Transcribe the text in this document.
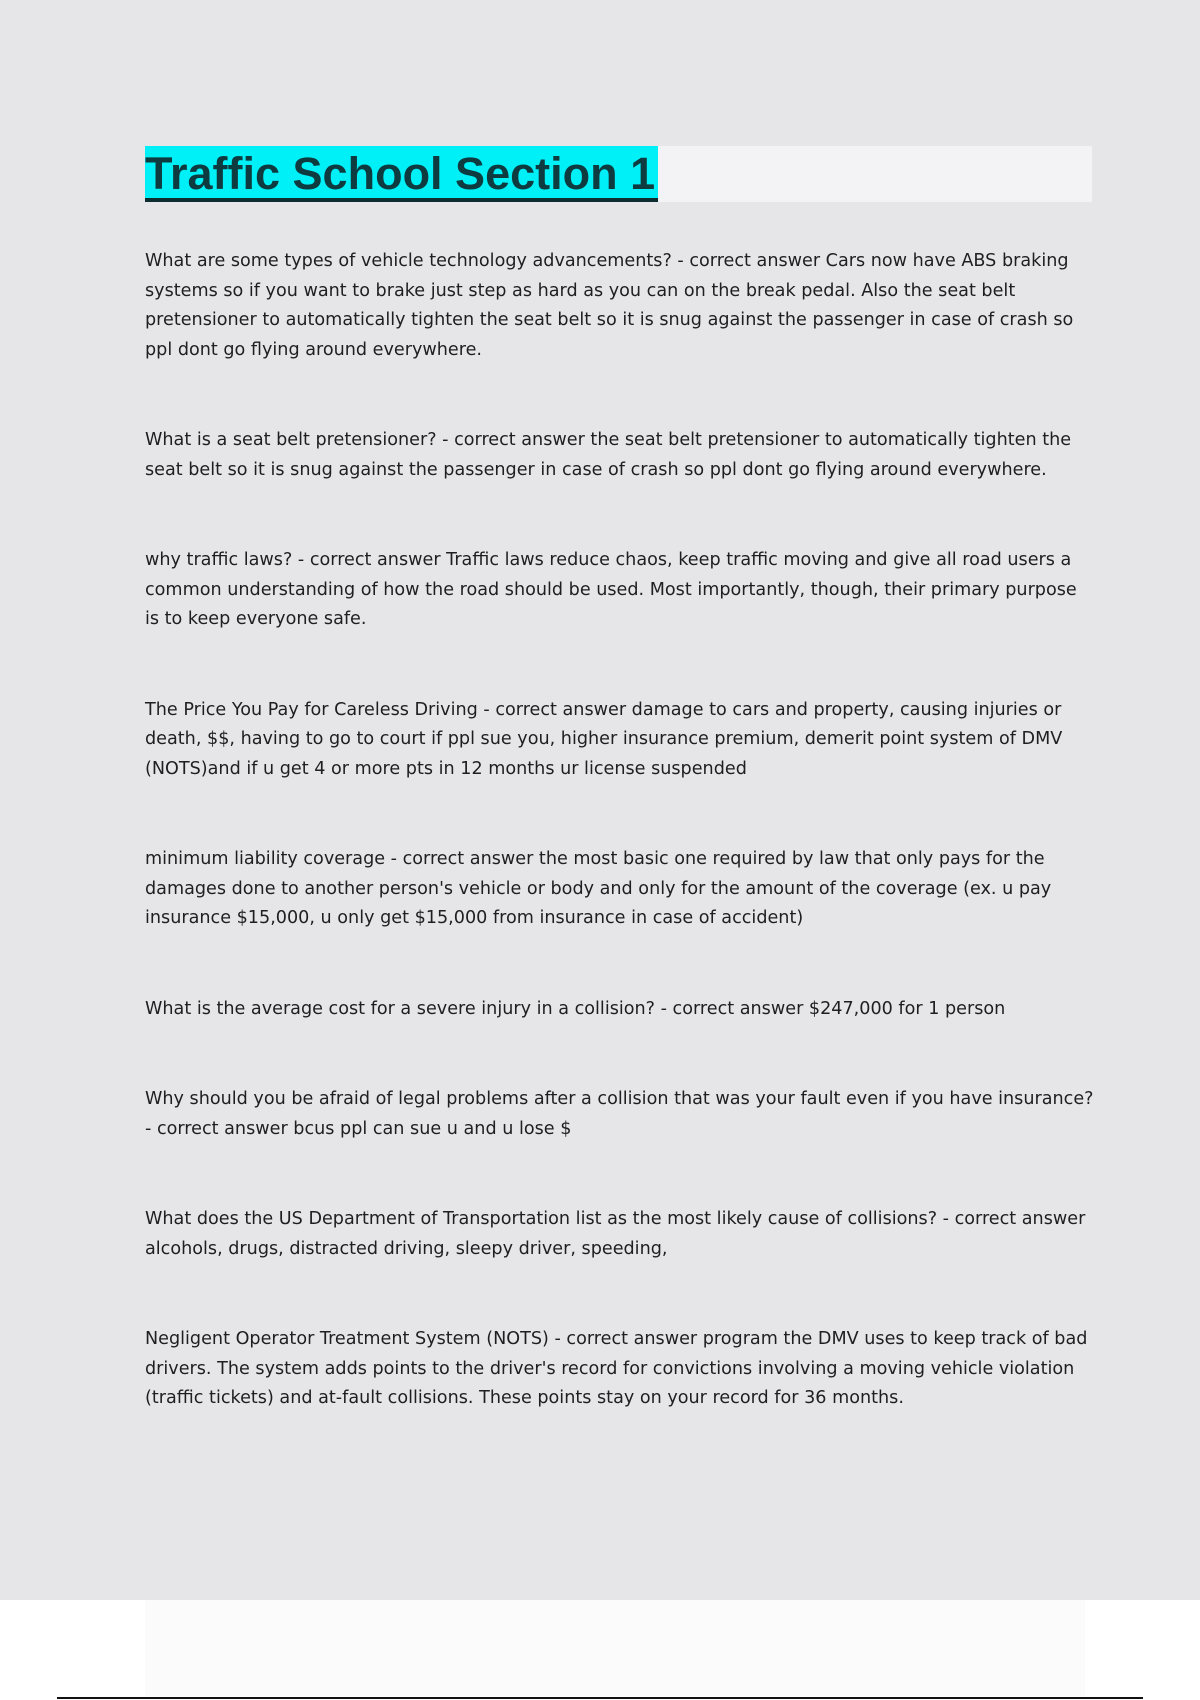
Traffic School Section 1

What are some types of vehicle technology advancements? - correct answer Cars now have ABS braking systems so if you want to brake just step as hard as you can on the break pedal. Also the seat belt pretensioner to automatically tighten the seat belt so it is snug against the passenger in case of crash so ppl dont go flying around everywhere.

What is a seat belt pretensioner? - correct answer the seat belt pretensioner to automatically tighten the seat belt so it is snug against the passenger in case of crash so ppl dont go flying around everywhere.

why traffic laws? - correct answer Traffic laws reduce chaos, keep traffic moving and give all road users a common understanding of how the road should be used. Most importantly, though, their primary purpose is to keep everyone safe.

The Price You Pay for Careless Driving - correct answer damage to cars and property, causing injuries or death, $$, having to go to court if ppl sue you, higher insurance premium, demerit point system of DMV (NOTS)and if u get 4 or more pts in 12 months ur license suspended

minimum liability coverage - correct answer the most basic one required by law that only pays for the damages done to another person's vehicle or body and only for the amount of the coverage (ex. u pay insurance $15,000, u only get $15,000 from insurance in case of accident)

What is the average cost for a severe injury in a collision? - correct answer $247,000 for 1 person

Why should you be afraid of legal problems after a collision that was your fault even if you have insurance? - correct answer bcus ppl can sue u and u lose $

What does the US Department of Transportation list as the most likely cause of collisions? - correct answer alcohols, drugs, distracted driving, sleepy driver, speeding,

Negligent Operator Treatment System (NOTS) - correct answer program the DMV uses to keep track of bad drivers. The system adds points to the driver's record for convictions involving a moving vehicle violation (traffic tickets) and at-fault collisions. These points stay on your record for 36 months.
